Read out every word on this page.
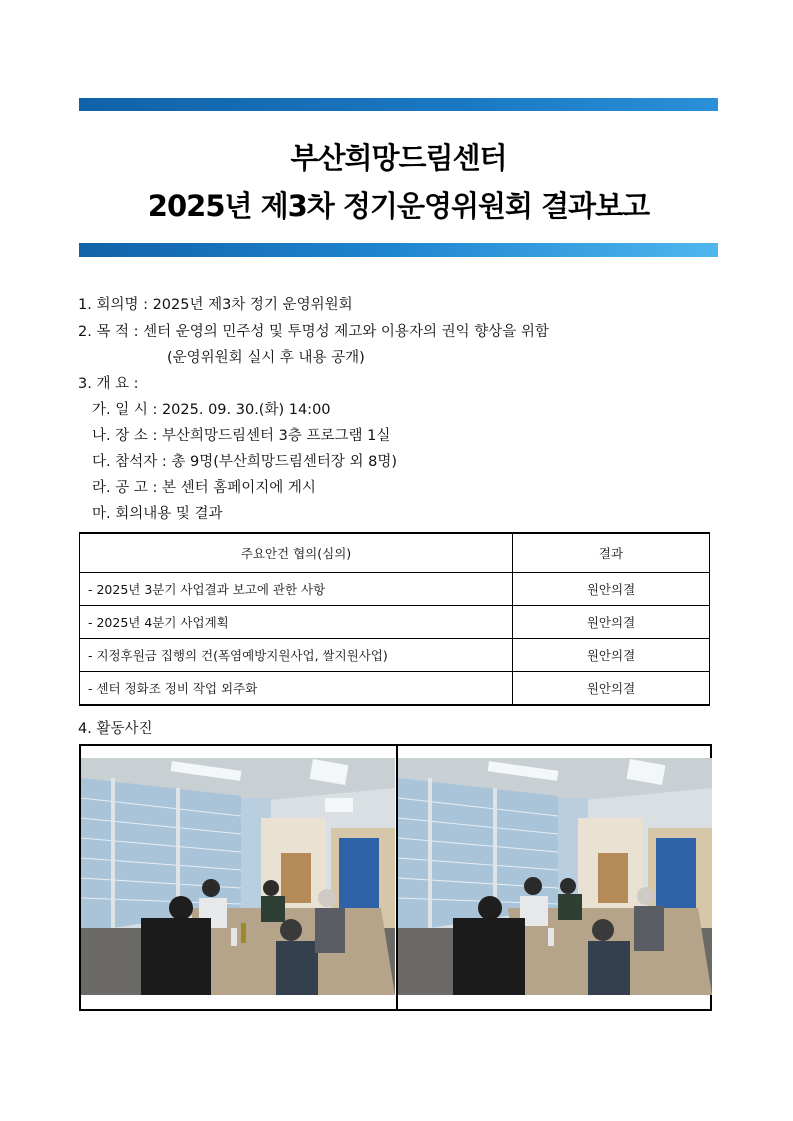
부산희망드림센터
2025년 제3차 정기운영위원회 결과보고
1. 회의명 : 2025년 제3차 정기 운영위원회
2. 목 적 : 센터 운영의 민주성 및 투명성 제고와 이용자의 권익 향상을 위함
(운영위원회 실시 후 내용 공개)
3. 개 요 :
가. 일 시 : 2025. 09. 30.(화) 14:00
나. 장 소 : 부산희망드림센터 3층 프로그램 1실
다. 참석자 : 총 9명(부산희망드림센터장 외 8명)
라. 공 고 : 본 센터 홈페이지에 게시
마. 회의내용 및 결과
주요안건 협의(심의)	결과
- 2025년 3분기 사업결과 보고에 관한 사항	원안의결
- 2025년 4분기 사업계획	원안의결
- 지정후원금 집행의 건(폭염예방지원사업, 쌀지원사업)	원안의결
- 센터 정화조 정비 작업 외주화	원안의결
4. 활동사진
